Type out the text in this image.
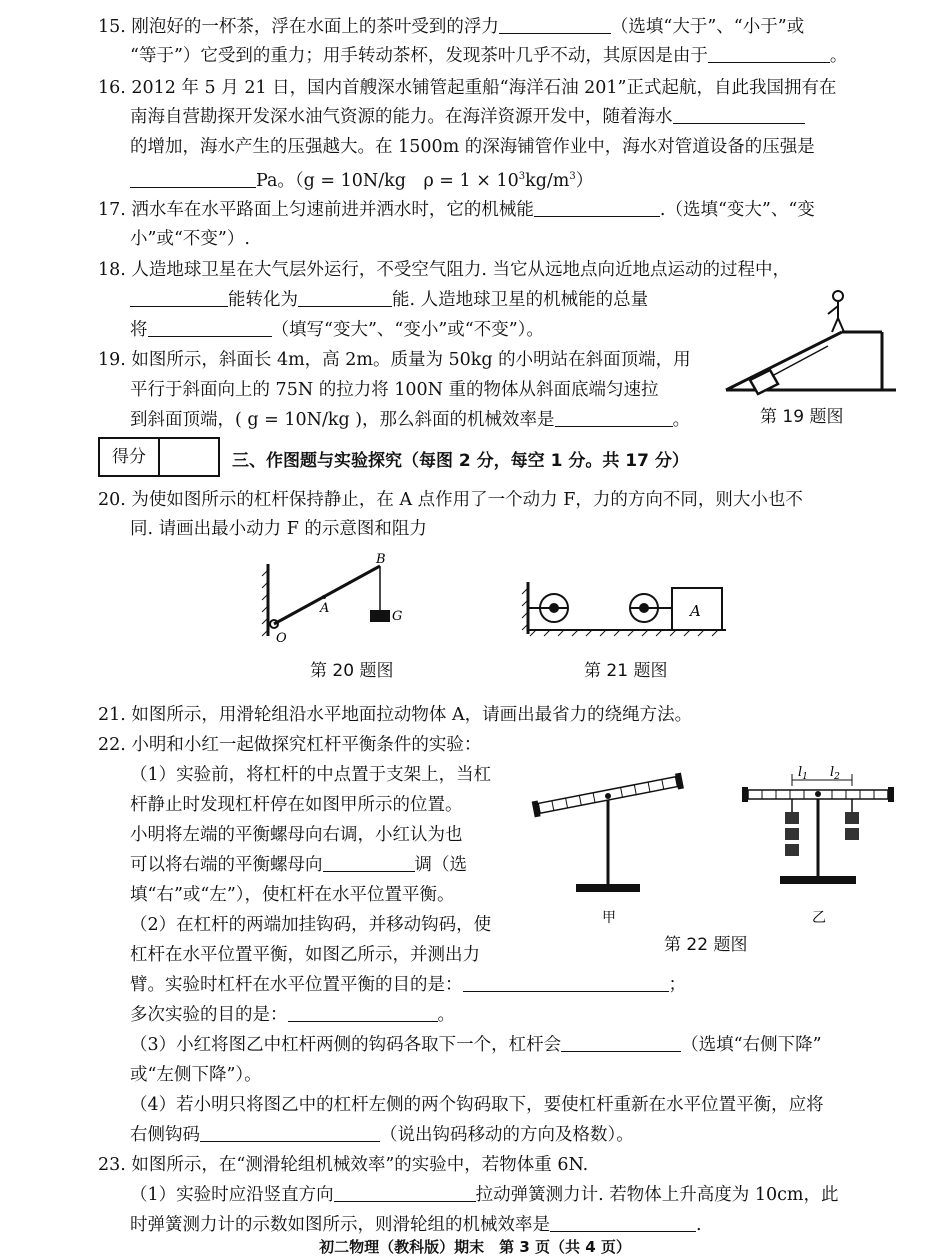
15. 刚泡好的一杯茶，浮在水面上的茶叶受到的浮力	（选填“大于”、“小于”或
“等于”）它受到的重力；用手转动茶杯，发现茶叶几乎不动，其原因是由于	。
16. 2012 年 5 月 21 日，国内首艘深水铺管起重船“海洋石油 201”正式起航，自此我国拥有在
南海自营勘探开发深水油气资源的能力。在海洋资源开发中，随着海水
的增加，海水产生的压强越大。在 1500m 的深海铺管作业中，海水对管道设备的压强是
Pa。（g = 10N/kg　$\rho = 1 \times 10^3kg/m^3$）
17. 洒水车在水平路面上匀速前进并洒水时，它的机械能	.（选填“变大”、“变
小”或“不变”）.
18. 人造地球卫星在大气层外运行，不受空气阻力. 当它从远地点向近地点运动的过程中，
能转化为	能. 人造地球卫星的机械能的总量
将	（填写“变大”、“变小”或“不变”）。
19. 如图所示，斜面长 4m，高 2m。质量为 50kg 的小明站在斜面顶端，用
平行于斜面向上的 75N 的拉力将 100N 重的物体从斜面底端匀速拉
到斜面顶端，( g = 10N/kg )，那么斜面的机械效率是	。	第 19 题图
得分	三、作图题与实验探究（每图 2 分，每空 1 分。共 17 分）
20. 为使如图所示的杠杆保持静止，在 A 点作用了一个动力 F，力的方向不同，则大小也不
同. 请画出最小动力 F 的示意图和阻力
B
A
G
O
第 20 题图
A
第 21 题图
21. 如图所示，用滑轮组沿水平地面拉动物体 A，请画出最省力的绕绳方法。
22. 小明和小红一起做探究杠杆平衡条件的实验：
（1）实验前，将杠杆的中点置于支架上，当杠
杆静止时发现杠杆停在如图甲所示的位置。
小明将左端的平衡螺母向右调，小红认为也
可以将右端的平衡螺母向	调（选
填“右”或“左”），使杠杆在水平位置平衡。
（2）在杠杆的两端加挂钩码，并移动钩码，使
杠杆在水平位置平衡，如图乙所示，并测出力
臂。实验时杠杆在水平位置平衡的目的是：	；
多次实验的目的是：	。
（3）小红将图乙中杠杆两侧的钩码各取下一个，杠杆会	（选填“右侧下降”
或“左侧下降”）。
（4）若小明只将图乙中的杠杆左侧的两个钩码取下，要使杠杆重新在水平位置平衡，应将
右侧钩码	（说出钩码移动的方向及格数）。
甲
$l_1$ $l_2$
乙
第 22 题图
23. 如图所示，在“测滑轮组机械效率”的实验中，若物体重 6N.
（1）实验时应沿竖直方向	拉动弹簧测力计. 若物体上升高度为 10cm，此
时弹簧测力计的示数如图所示，则滑轮组的机械效率是	.
初二物理（教科版）期末　第 3 页（共 4 页）
